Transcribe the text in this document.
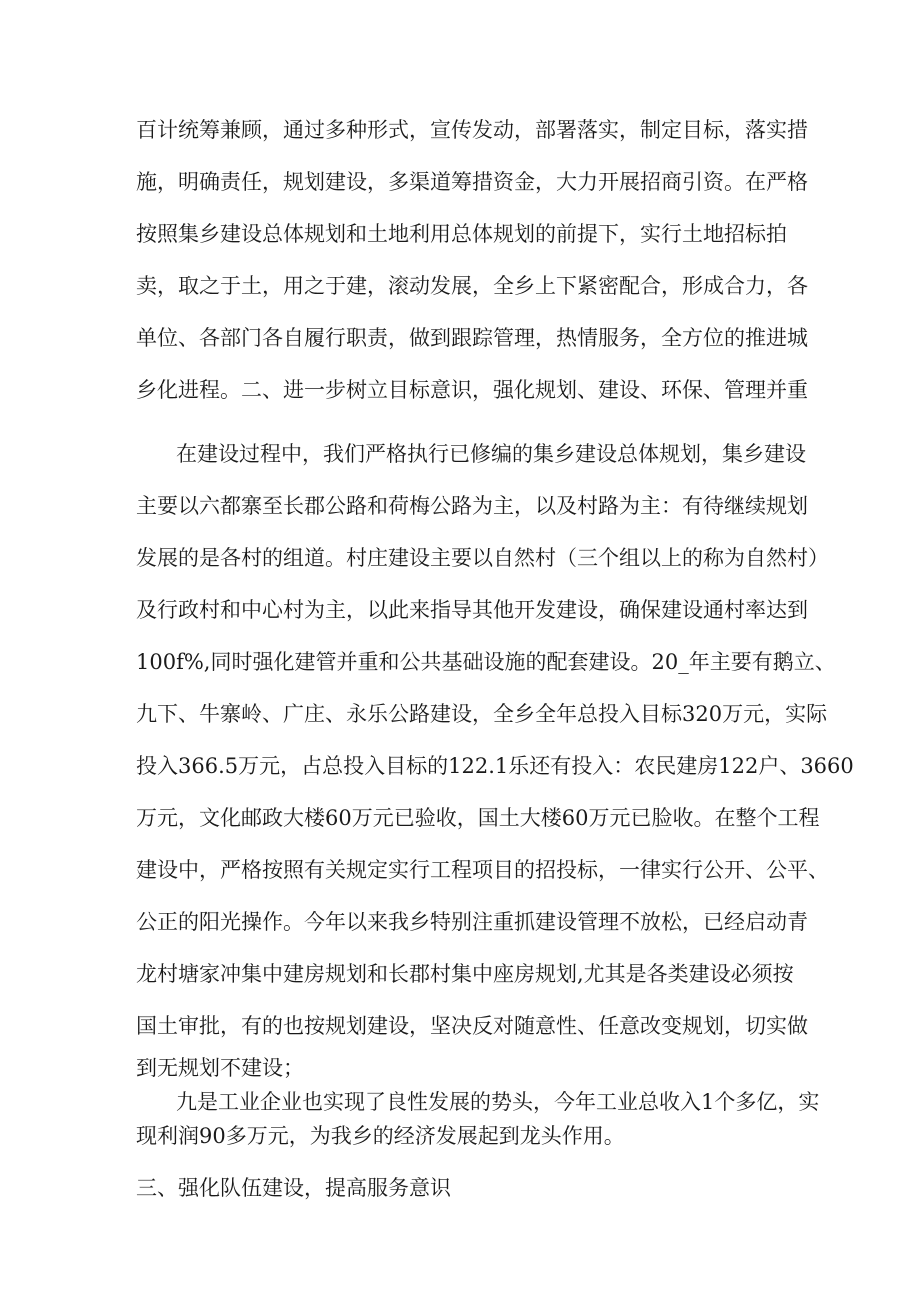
百计统筹兼顾，通过多种形式，宣传发动，部署落实，制定目标，落实措

施，明确责任，规划建设，多渠道筹措资金，大力开展招商引资。在严格

按照集乡建设总体规划和土地利用总体规划的前提下，实行土地招标拍

卖，取之于土，用之于建，滚动发展，全乡上下紧密配合，形成合力，各

单位、各部门各自履行职责，做到跟踪管理，热情服务，全方位的推进城

乡化进程。二、进一步树立目标意识，强化规划、建设、环保、管理并重

在建设过程中，我们严格执行已修编的集乡建设总体规划，集乡建设

主要以六都寨至长郡公路和荷梅公路为主，以及村路为主：有待继续规划

发展的是各村的组道。村庄建设主要以自然村（三个组以上的称为自然村）

及行政村和中心村为主，以此来指导其他开发建设，确保建设通村率达到

100f%,同时强化建管并重和公共基础设施的配套建设。20_年主要有鹅立、

九下、牛寨岭、广庄、永乐公路建设，全乡全年总投入目标320万元，实际

投入366.5万元，占总投入目标的122.1乐还有投入：农民建房122户、3660

万元，文化邮政大楼60万元已验收，国土大楼60万元已脸收。在整个工程

建设中，严格按照有关规定实行工程项目的招投标，一律实行公开、公平、

公正的阳光操作。今年以来我乡特别注重抓建设管理不放松，已经启动青

龙村塘家冲集中建房规划和长郡村集中座房规划,尤其是各类建设必须按

国土审批，有的也按规划建设，坚决反对随意性、任意改变规划，切实做

到无规划不建设；

九是工业企业也实现了良性发展的势头，今年工业总收入1个多亿，实

现利润90多万元，为我乡的经济发展起到龙头作用。

三、强化队伍建设，提高服务意识
